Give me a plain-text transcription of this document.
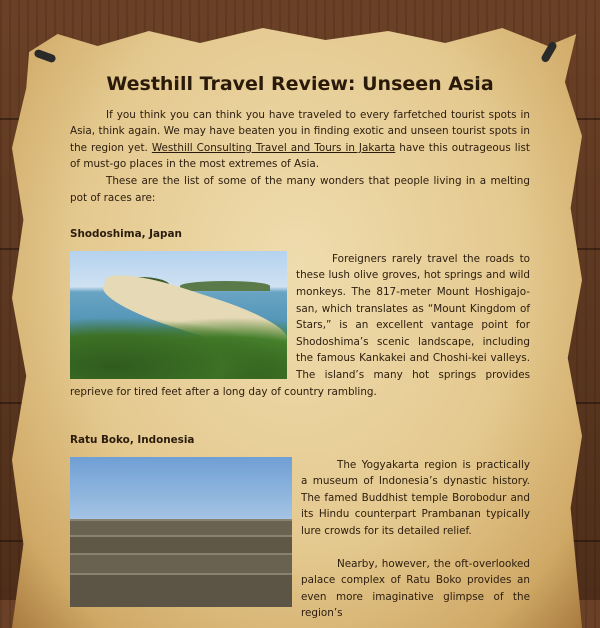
Westhill Travel Review: Unseen Asia

If you think you can think you have traveled to every farfetched tourist spots in Asia, think again. We may have beaten you in finding exotic and unseen tourist spots in the region yet. Westhill Consulting Travel and Tours in Jakarta have this outrageous list of must-go places in the most extremes of Asia.

These are the list of some of the many wonders that people living in a melting pot of races are:

Shodoshima, Japan

Foreigners rarely travel the roads to these lush olive groves, hot springs and wild monkeys. The 817-meter Mount Hoshigajo-san, which translates as “Mount Kingdom of Stars,” is an excellent vantage point for Shodoshima’s scenic landscape, including the famous Kankakei and Choshi-kei valleys. The island’s many hot springs provides reprieve for tired feet after a long day of country rambling.

Ratu Boko, Indonesia

The Yogyakarta region is practically a museum of Indonesia’s dynastic history. The famed Buddhist temple Borobodur and its Hindu counterpart Prambanan typically lure crowds for its detailed relief.

Nearby, however, the oft-overlooked palace complex of Ratu Boko provides an even more imaginative glimpse of the region’s
